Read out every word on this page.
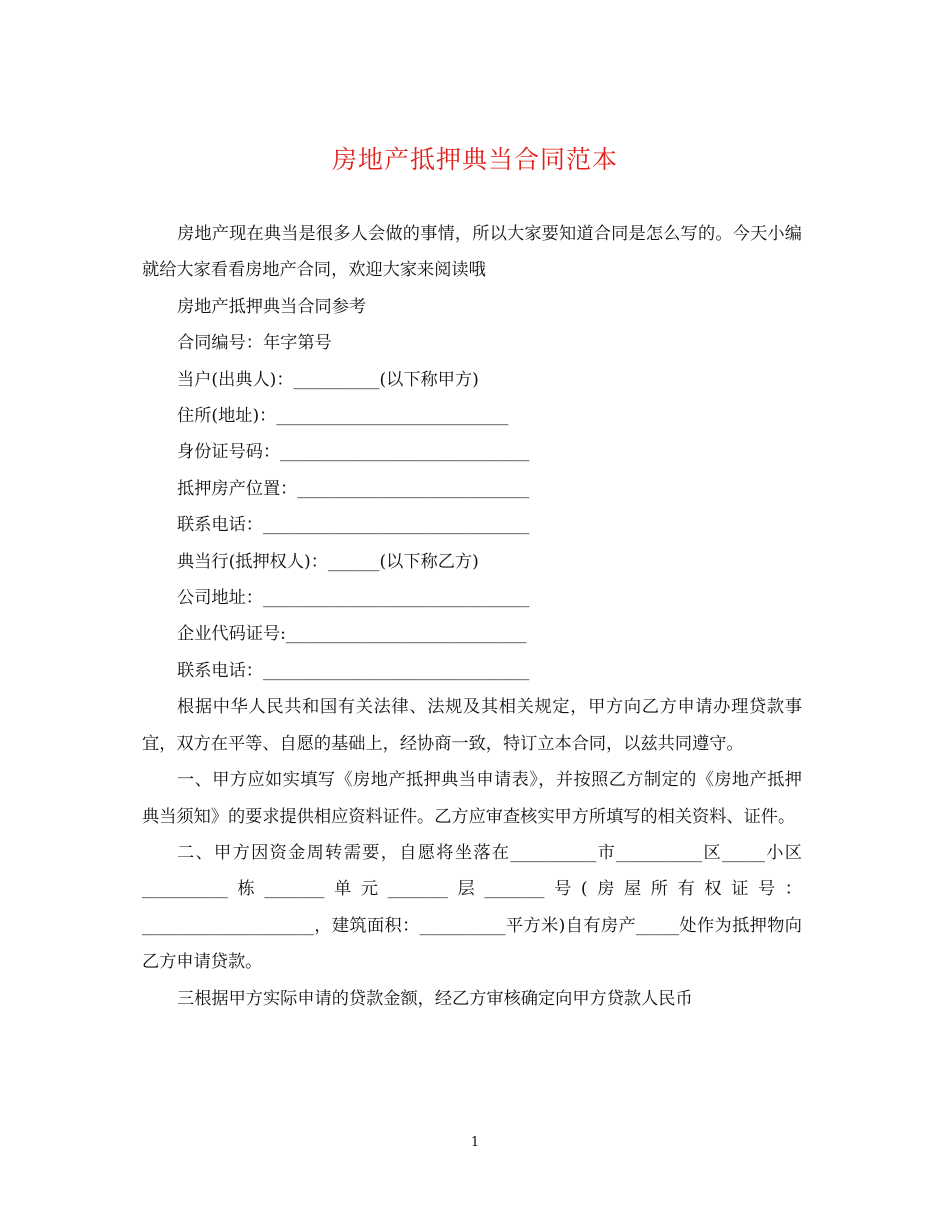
房地产抵押典当合同范本

房地产现在典当是很多人会做的事情，所以大家要知道合同是怎么写的。今天小编就给大家看看房地产合同，欢迎大家来阅读哦

房地产抵押典当合同参考

合同编号：年字第号

当户(出典人)：__________(以下称甲方)

住所(地址)：___________________________

身份证号码：_____________________________

抵押房产位置：___________________________

联系电话：_______________________________

典当行(抵押权人)：______(以下称乙方)

公司地址：_______________________________

企业代码证号:____________________________

联系电话：_______________________________

根据中华人民共和国有关法律、法规及其相关规定，甲方向乙方申请办理贷款事宜，双方在平等、自愿的基础上，经协商一致，特订立本合同，以兹共同遵守。

一、甲方应如实填写《房地产抵押典当申请表》，并按照乙方制定的《房地产抵押典当须知》的要求提供相应资料证件。乙方应审查核实甲方所填写的相关资料、证件。

二、甲方因资金周转需要，自愿将坐落在__________市__________区_____小区__________栋_______单元_______层_______号(房屋所有权证号：____________________，建筑面积：__________平方米)自有房产_____处作为抵押物向乙方申请贷款。

三根据甲方实际申请的贷款金额，经乙方审核确定向甲方贷款人民币

1
